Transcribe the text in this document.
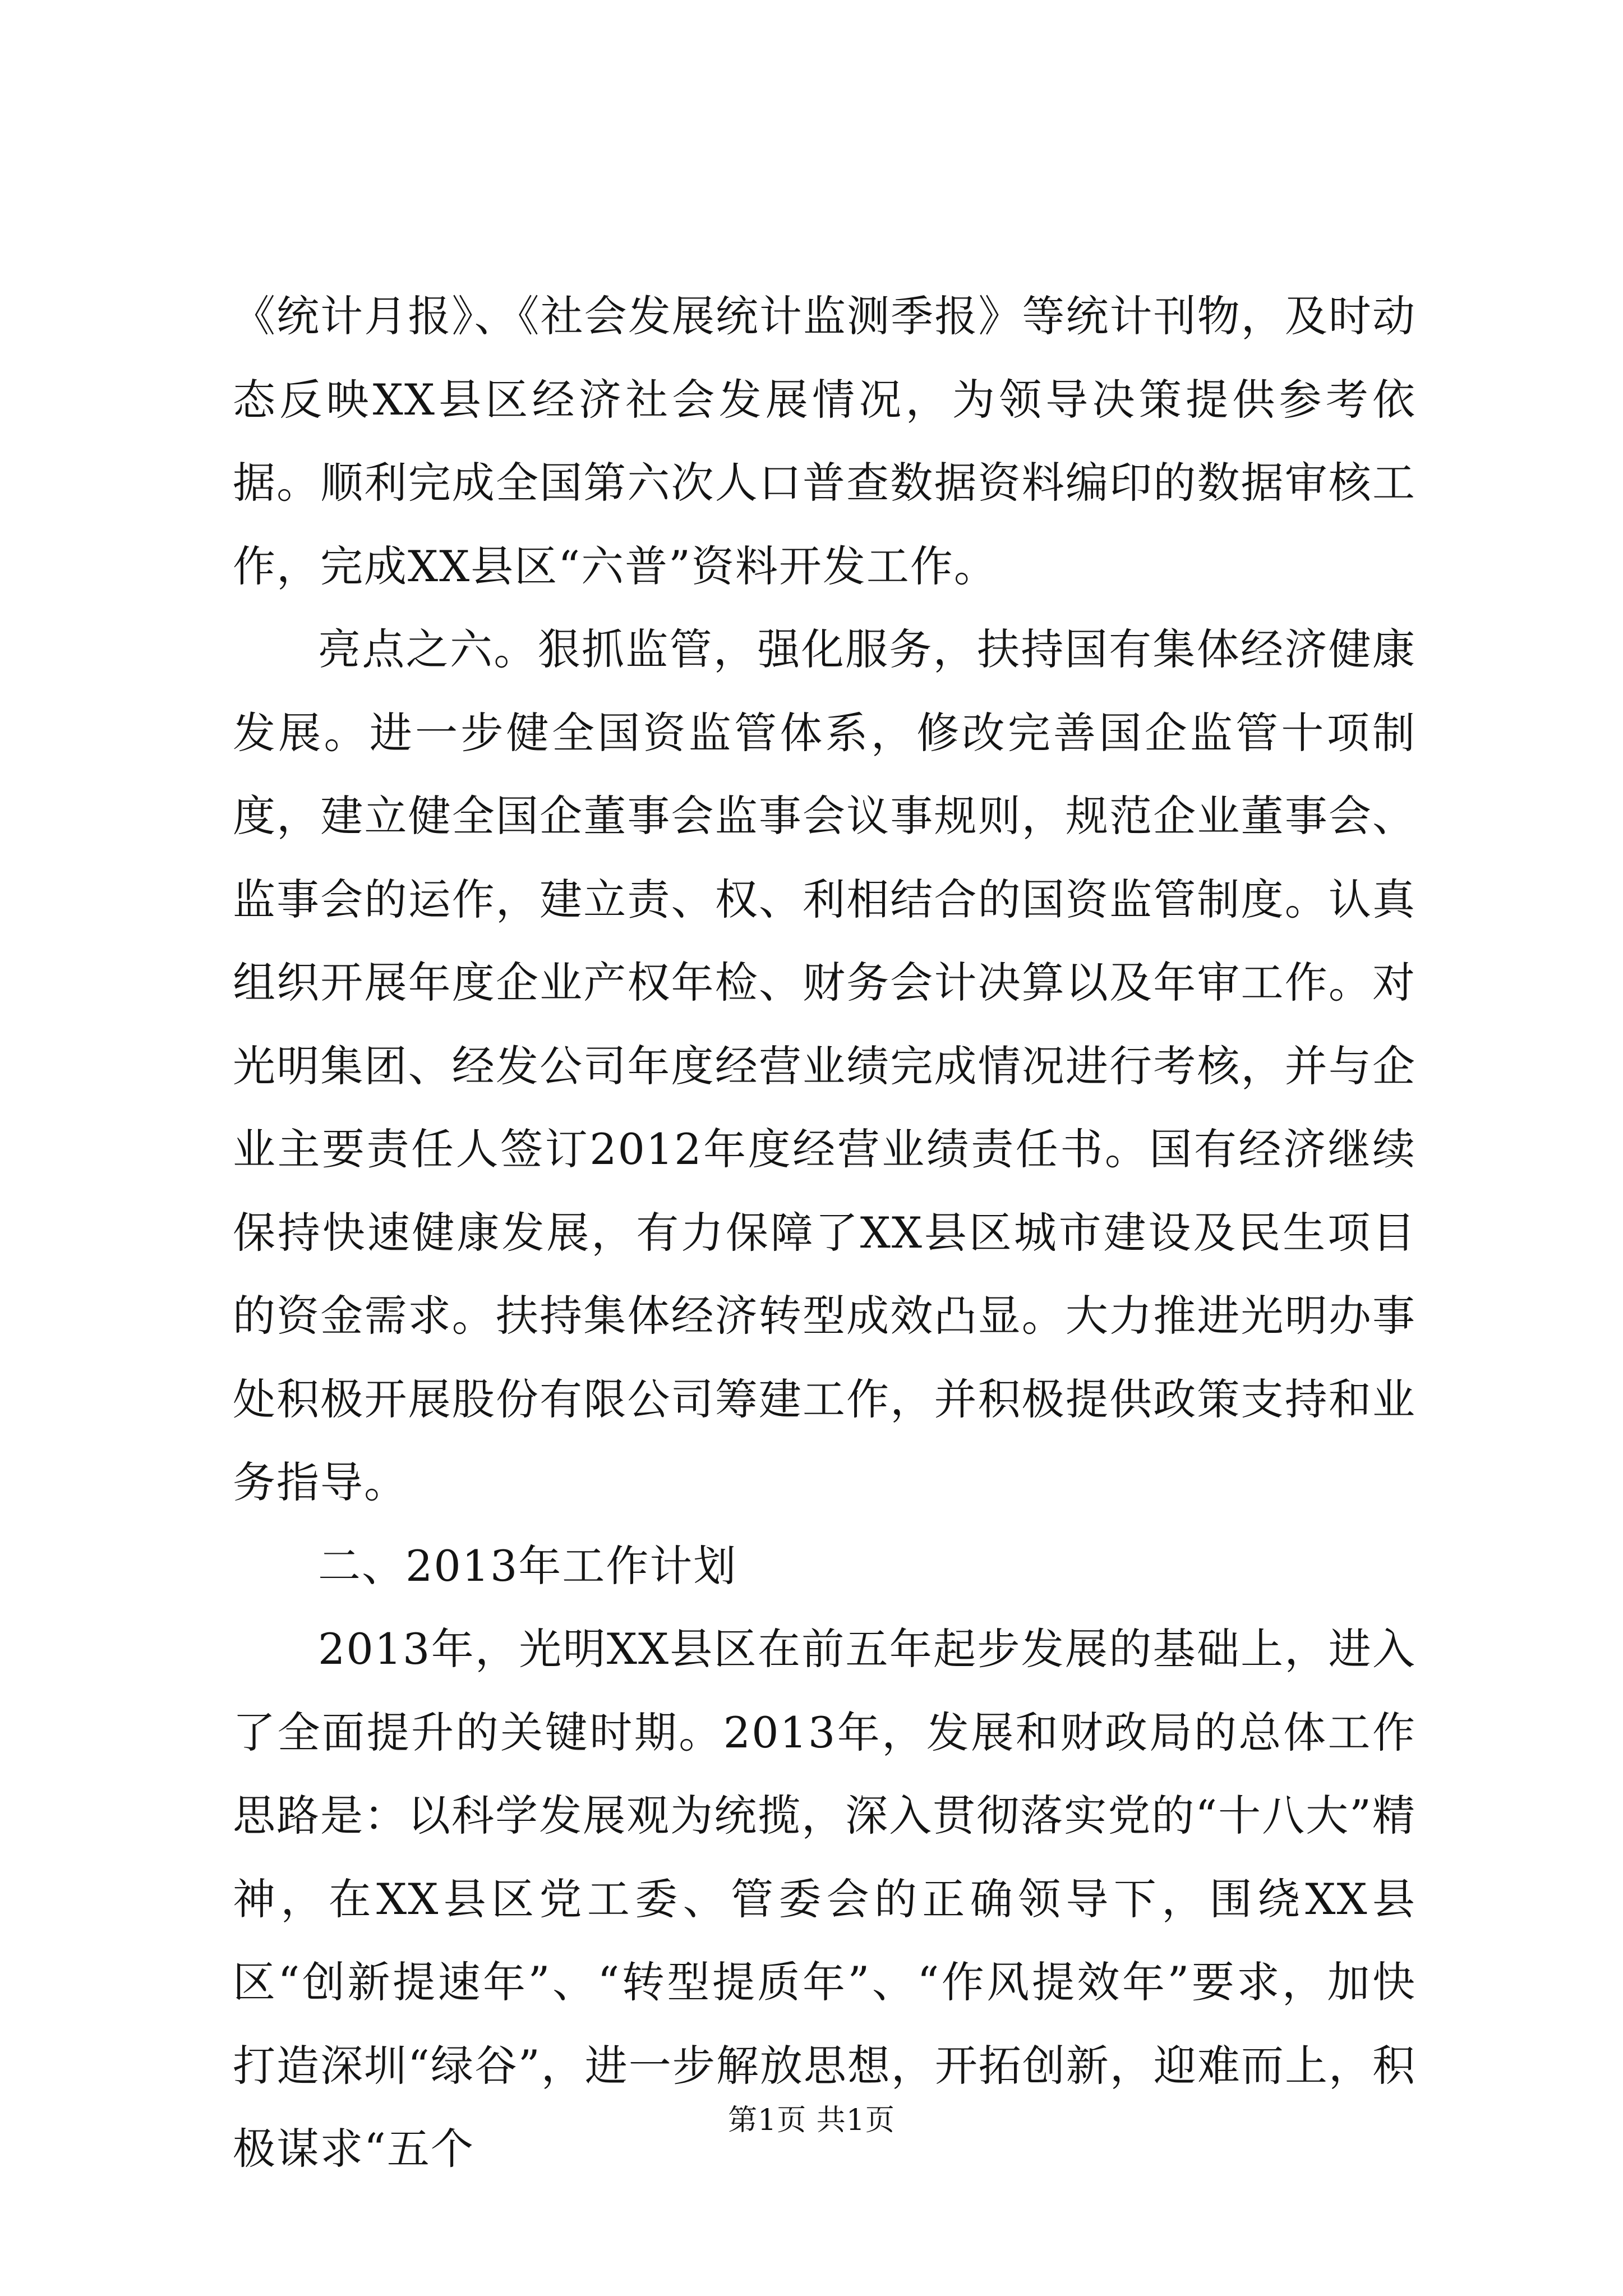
《统计月报》、《社会发展统计监测季报》等统计刊物，及时动态反映XX县区经济社会发展情况，为领导决策提供参考依据。顺利完成全国第六次人口普查数据资料编印的数据审核工作，完成XX县区“六普”资料开发工作。

亮点之六。狠抓监管，强化服务，扶持国有集体经济健康发展。进一步健全国资监管体系，修改完善国企监管十项制度，建立健全国企董事会监事会议事规则，规范企业董事会、监事会的运作，建立责、权、利相结合的国资监管制度。认真组织开展年度企业产权年检、财务会计决算以及年审工作。对光明集团、经发公司年度经营业绩完成情况进行考核，并与企业主要责任人签订2012年度经营业绩责任书。国有经济继续保持快速健康发展，有力保障了XX县区城市建设及民生项目的资金需求。扶持集体经济转型成效凸显。大力推进光明办事处积极开展股份有限公司筹建工作，并积极提供政策支持和业务指导。

二、2013年工作计划

2013年，光明XX县区在前五年起步发展的基础上，进入了全面提升的关键时期。2013年，发展和财政局的总体工作思路是：以科学发展观为统揽，深入贯彻落实党的“十八大”精神，在XX县区党工委、管委会的正确领导下，围绕XX县区“创新提速年”、“转型提质年”、“作风提效年”要求，加快打造深圳“绿谷”，进一步解放思想，开拓创新，迎难而上，积极谋求“五个

第1页 共1页
